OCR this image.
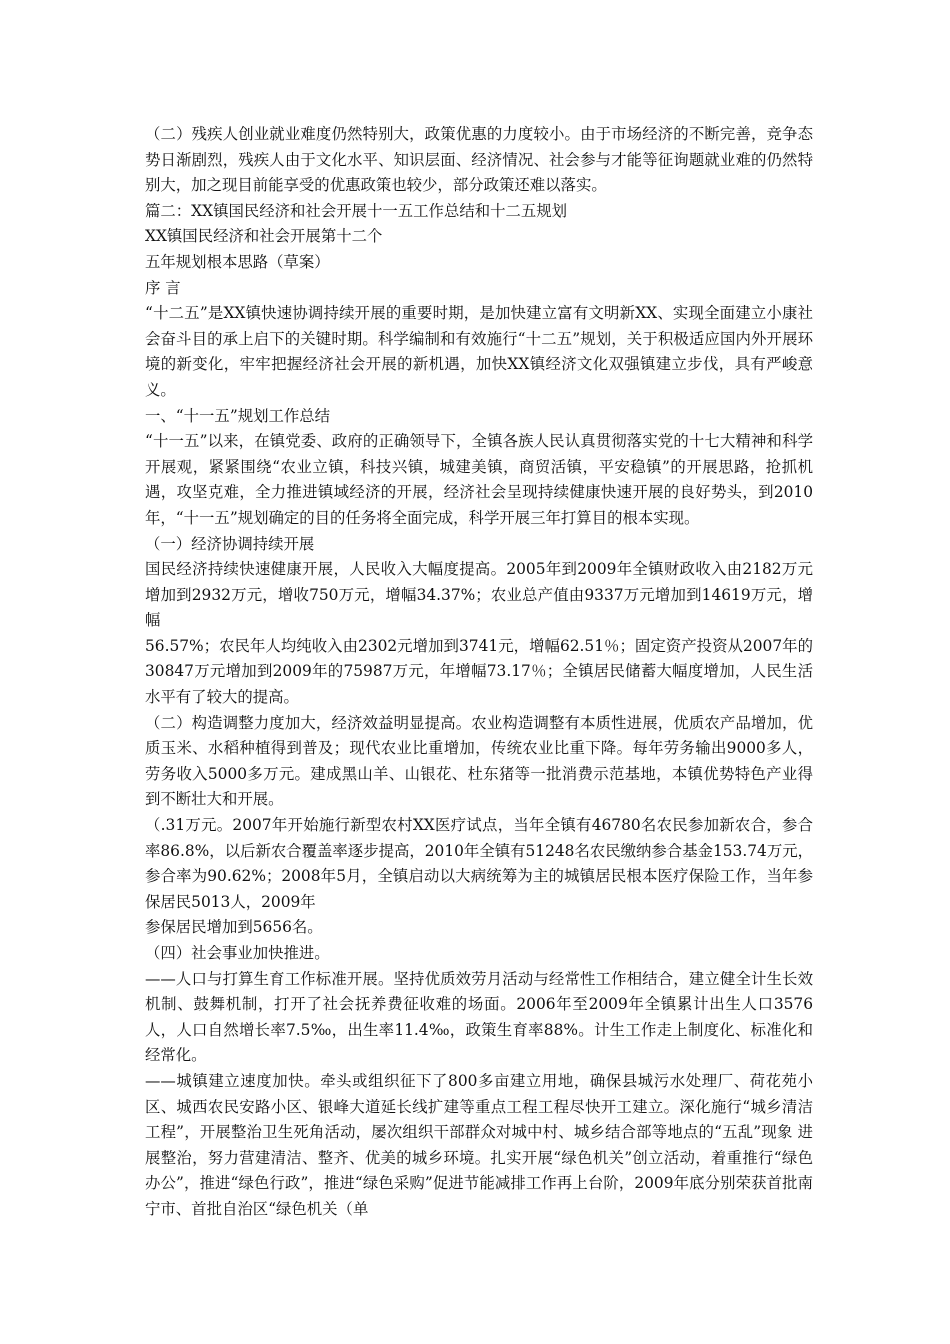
（二）残疾人创业就业难度仍然特别大，政策优惠的力度较小。由于市场经济的不断完善，竞争态势日渐剧烈，残疾人由于文化水平、知识层面、经济情况、社会参与才能等征询题就业难的仍然特别大，加之现目前能享受的优惠政策也较少，部分政策还难以落实。

篇二：XX镇国民经济和社会开展十一五工作总结和十二五规划

XX镇国民经济和社会开展第十二个

五年规划根本思路（草案）

序 言

“十二五”是XX镇快速协调持续开展的重要时期，是加快建立富有文明新XX、实现全面建立小康社会奋斗目的承上启下的关键时期。科学编制和有效施行“十二五”规划，关于积极适应国内外开展环境的新变化，牢牢把握经济社会开展的新机遇，加快XX镇经济文化双强镇建立步伐，具有严峻意义。

一、“十一五”规划工作总结

“十一五”以来，在镇党委、政府的正确领导下，全镇各族人民认真贯彻落实党的十七大精神和科学开展观，紧紧围绕“农业立镇，科技兴镇，城建美镇，商贸活镇，平安稳镇”的开展思路，抢抓机遇，攻坚克难，全力推进镇域经济的开展，经济社会呈现持续健康快速开展的良好势头，到2010年，“十一五”规划确定的目的任务将全面完成，科学开展三年打算目的根本实现。

（一）经济协调持续开展

国民经济持续快速健康开展，人民收入大幅度提高。2005年到2009年全镇财政收入由2182万元增加到2932万元，增收750万元，增幅34.37%；农业总产值由9337万元增加到14619万元，增幅

56.57%；农民年人均纯收入由2302元增加到3741元，增幅62.51％；固定资产投资从2007年的30847万元增加到2009年的75987万元，年增幅73.17％；全镇居民储蓄大幅度增加，人民生活水平有了较大的提高。

（二）构造调整力度加大，经济效益明显提高。农业构造调整有本质性进展，优质农产品增加，优质玉米、水稻种植得到普及；现代农业比重增加，传统农业比重下降。每年劳务输出9000多人，劳务收入5000多万元。建成黑山羊、山银花、杜东猪等一批消费示范基地，本镇优势特色产业得到不断壮大和开展。

（.31万元。2007年开始施行新型农村XX医疗试点，当年全镇有46780名农民参加新农合，参合率86.8%，以后新农合覆盖率逐步提高，2010年全镇有51248名农民缴纳参合基金153.74万元，参合率为90.62%；2008年5月，全镇启动以大病统筹为主的城镇居民根本医疗保险工作，当年参保居民5013人，2009年

参保居民增加到5656名。

（四）社会事业加快推进。

——人口与打算生育工作标准开展。坚持优质效劳月活动与经常性工作相结合，建立健全计生长效机制、鼓舞机制，打开了社会抚养费征收难的场面。2006年至2009年全镇累计出生人口3576人，人口自然增长率7.5‰，出生率11.4‰，政策生育率88%。计生工作走上制度化、标准化和经常化。

——城镇建立速度加快。牵头或组织征下了800多亩建立用地，确保县城污水处理厂、荷花苑小区、城西农民安路小区、银峰大道延长线扩建等重点工程工程尽快开工建立。深化施行“城乡清洁工程”，开展整治卫生死角活动，屡次组织干部群众对城中村、城乡结合部等地点的“五乱”现象 进展整治，努力营建清洁、整齐、优美的城乡环境。扎实开展“绿色机关”创立活动，着重推行“绿色办公”，推进“绿色行政”，推进“绿色采购”促进节能减排工作再上台阶，2009年底分别荣获首批南宁市、首批自治区“绿色机关（单
